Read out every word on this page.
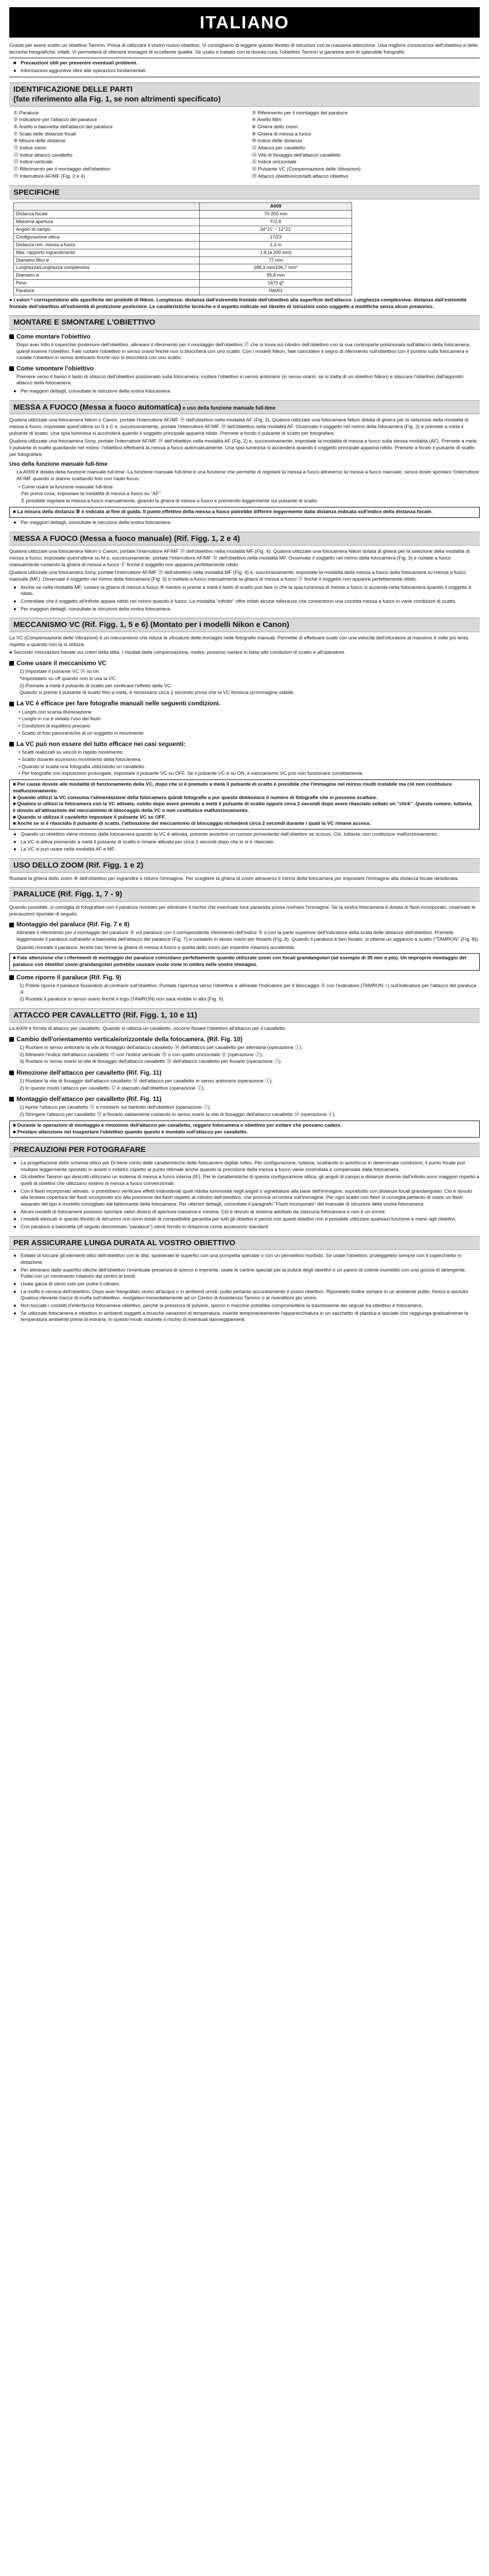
ITALIANO

Grazie per avere scelto un obiettivo Tamron. Prima di utilizzare il vostro nuovo obiettivo, Vi consigliamo di leggere questo libretto di istruzioni con la massima attenzione. Una migliore conoscenza dell'obiettivo e delle tecniche fotografiche, infatti, Vi permetterà di ottenere immagini di eccellente qualità. Se usato e trattato con la dovuta cura, l'obiettivo Tamron vi garantirà anni di splendide fotografie.

■ Precauzioni utili per prevenire eventuali problemi.
● Informazioni aggiuntive oltre alle operazioni fondamentali.
IDENTIFICAZIONE DELLE PARTI
(fate riferimento alla Fig. 1, se non altrimenti specificato)
① Paraluce	② Riferimento per il montaggio del paraluce
③ Indicatore per l'attacco del paraluce	④ Anello filtro
⑤ Anello a baionetta dell'attacco del paraluce	⑥ Ghiera dello zoom
⑦ Scala delle distanze focali	⑧ Ghiera di messa a fuoco
⑨ Misura delle distanze	⑩ Indice delle distanze
⑪ Indice zoom	⑫ Attacco per cavalletto
⑬ Indice attacco cavalletto	⑭ Vite di fissaggio dell'attacco cavalletto
⑮ Indice verticale	⑯ Indice orizzontale
⑰ Riferimento per il montaggio dell'obiettivo	⑱ Pulsante VC (Compensazione delle Vibrazioni)
⑲ Interruttore AF/MF (Fig. 2 e 4)	⑳ Attacco obiettivo/contatti attacco obiettivo
SPECIFICHE
	A009
Distanza focale	70-200 mm
Massima apertura	F/2,8
Angolo di campo	34°21' ~ 12°21'
Configurazione ottica	17/23
Distanza min. messa a fuoco	1,3 m
Max. rapporto ingrandimento	1:8 (a 200 mm)
Diametro filtro ø	77 mm
Lunghezza/Lunghezza complessiva	188,3 mm/196,7 mm*
Diametro ø	85,8 mm
Peso	1470 g*
Paraluce	HA001

● I valori * corrispondono alle specifiche dei prodotti di Nikon. Lunghezza: distanza dall'estremità frontale dell'obiettivo alla superficie dell'attacco. Lunghezza complessiva: distanza dall'estremità frontale dell'obiettivo all'estremità di protezione posteriore. Le caratteristiche tecniche e il aspetto indicate nel libretto di istruzioni sono soggette a modifiche senza alcun preavviso.

MONTARE E SMONTARE L'OBIETTIVO
Come montare l'obiettivo

Dopo aver tolto il coperchio posteriore dell'obiettivo, allineare il riferimento per il montaggio dell'obiettivo ⑰ che si trova sul cilindro dell'obiettivo con la sua controparte posizionata sull'attacco della fotocamera, quindi inserire l'obiettivo. Fate ruotare l'obiettivo in senso orario finché non si bloccherà con uno scatto. Con i modelli Nikon, fate coincidere il segno di riferimento sull'obiettivo con il puntino sulla fotocamera e ruotate l'obiettivo in senso antiorario finché non si bloccherà con uno scatto.

Come smontare l'obiettivo

Premere verso il basso il tasto di sblocco dell'obiettivo posizionato sulla fotocamera, ruotare l'obiettivo in senso antiorario (in senso orario, se si tratta di un obiettivo Nikon) e staccare l'obiettivo dall'apposito attacco della fotocamera.

● Per maggiori dettagli, consultate le istruzioni della vostra fotocamera.
MESSA A FUOCO (Messa a fuoco automatica) e uso della funzione manuale full-time

Qualora utilizzate una fotocamera Nikon o Canon, portate l'interruttore AF/MF ⑲ dell'obiettivo nella modalità AF (Fig. 2). Qualora utilizzate una fotocamera Nikon dotata di ghiera per la selezione della modalità di messa a fuoco, impostate quest'ultima su S o C e, successivamente, portate l'interruttore AF/MF ⑲ dell'obiettivo nella modalità AF. Osservate il soggetto nel mirino della fotocamera (Fig. 3) e premete a metà il pulsante di scatto. Una spia luminosa si accenderà quando il soggetto principale apparirà nitido. Premete a fondo il pulsante di scatto per fotografare.

Qualora utilizzate una fotocamera Sony, portate l'interruttore AF/MF ⑲ dell'obiettivo nella modalità AF (Fig. 2) e, successivamente, impostate la modalità di messa a fuoco sulla stessa modalità (AF). Premete a metà il pulsante di scatto guardando nel mirino: l'obiettivo effettuerà la messa a fuoco automaticamente. Una spia luminosa si accenderà quando il soggetto principale apparirà nitido. Premete a fondo il pulsante di scatto per fotografare.

Uso della funzione manuale full-time

La A009 è dotata della funzione manuale full-time. La funzione manuale full-time è una funzione che permette di regolare la messa a fuoco attraverso la messa a fuoco manuale, senza dover spostare l'interruttore AF/MF quando si stanno scattando foto con l'auto-focus.

• Come usare la funzione manuale full-time
Per prima cosa, impostare la modalità di messa a fuoco su "AF".
È possibile regolare la messa a fuoco manualmente, girando la ghiera di messa a fuoco e premendo leggermente sul pulsante di scatto.
■ La misura della distanza ⑨ è indicata al fine di guida. Il punto effettivo della messa a fuoco potrebbe differire leggermente dalla distanza indicata sull'indice della distanza focale.
● Per maggiori dettagli, consultate le istruzioni della vostra fotocamera.
MESSA A FUOCO (Messa a fuoco manuale) (Rif. Figg. 1, 2 e 4)

Qualora utilizzate una fotocamera Nikon o Canon, portate l'interruttore AF/MF ⑲ dell'obiettivo nella modalità MF (Fig. 4). Qualora utilizzate una fotocamera Nikon dotata di ghiera per la selezione della modalità di messa a fuoco, impostate quest'ultima su M e, successivamente, portate l'interruttore AF/MF ⑲ dell'obiettivo nella modalità MF. Osservate il soggetto nel mirino della fotocamera (Fig. 3) e ruotate a fuoco manualmente ruotando la ghiera di messa a fuoco ⑧ finché il soggetto non apparirà perfettamente nitido.

Qualora utilizzate una fotocamera Sony, portate l'interruttore AF/MF ⑲ dell'obiettivo nella modalità MF (Fig. 4) e, successivamente, impostate la modalità della messa a fuoco della fotocamera su messa a fuoco manuale (MF). Osservate il soggetto nel mirino della fotocamera (Fig. 3) e mettete a fuoco manualmente la ghiera di messa a fuoco ⑧ finché il soggetto non apparirà perfettamente nitido.

● Anche se nella modalità MF, ruotare la ghiera di messa a fuoco ⑧ mentre si preme a metà il tasto di scatto può fare sì che la spia luminosa di messa a fuoco si accenda nella fotocamera quando il soggetto è nitido.
● Controllate che il soggetto all'infinito appaia nitido nel mirino quando è fuoco. La modalità "infinito" offre infatti alcune tolleranze che consentono una corretta messa a fuoco in varie condizioni di scatto.
● Per maggiori dettagli, consultate le istruzioni della vostra fotocamera.
MECCANISMO VC (Rif. Figg. 1, 5 e 6) (Montato per i modelli Nikon e Canon)

La VC (Compensazione delle Vibrazioni) è un meccanismo che riduce le sfocature delle immagini nelle fotografie manuali. Permette di effettuare scatti con una velocità dell'otturatore al massimo 4 volte più lenta rispetto a quando non la si utilizza.

● Secondo misurazioni basate sui criteri della ditta. I risultati della compensazione, inoltre, possono variare in base alle condizioni di scatto e all'operatore.

Come usare il meccanismo VC
1) Impostate il pulsante VC ⑱ su on.
*Impostatelo su off quando non si usa la VC.
2) Premete a metà il pulsante di scatto per verificare l'effetto della VC.
Quando si preme il pulsante di scatto fino a metà, è necessario circa 1 secondo prima che la VC fornisca un'immagine stabile.
La VC è efficace per fare fotografie manuali nelle seguenti condizioni.
• Luoghi con scarsa illuminazione
• Luoghi in cui è vietato l'uso del flash
• Condizioni di equilibrio precario
• Scatto di foto panoramiche di un soggetto in movimento
La VC può non essere del tutto efficace nei casi seguenti:
• Scatti realizzati su veicoli in rapido movimento.
• Scatto durante eccessivo movimento della fotocamera.
• Quando si scatta una fotografia utilizzando un cavalletto.
• Per fotografie con esposizioni prolungate, impostate il pulsante VC su OFF. Se il pulsante VC è su ON, il meccanismo VC può non funzionare correttamente.
■ Per cause dovute alle modalità di funzionamento della VC, dopo che si è premuto a metà il pulsante di scatto è possibile che l'immagine nel mirino risulti instabile ma ciò non costituisce malfunzionamento.
■ Quando utilizzi la VC consuma l'alimentazione della fotocamera quindi fotografie a pur questo diminuisce il numero di fotografie che si possono scattare.
■ Qualora si utilizzi la fotocamera con la VC attivata, subito dopo avere premuto a metà il pulsante di scatto oppure circa 2 secondi dopo avere rilasciato settato un "click". Questo rumore, tuttavia, è dovuto all'attivazione del meccanismo di bloccaggio della VC e non costituisce malfunzionamento.
■ Quando si utilizza il cavalletto impostare il pulsante VC su OFF.
■ Anche se si è rilasciato il pulsante di scatto, l'attivazione del meccanismo di bloccaggio richiederà circa 2 secondi durante i quali la VC rimane accesa.
● Quando un obiettivo viene rimosso dalla fotocamera quando la VC è attivata, potreste avvertire un rumore proveniente dall'obiettivo se scosso. Ciò, tuttavia, non costituisce malfunzionamento.
● La VC si attiva premendo a metà il pulsante di scatto e rimane attivata per circa 2 secondi dopo che lo si è rilasciato.
● La VC si può usare nella modalità AF e MF.
USO DELLO ZOOM (Rif. Figg. 1 e 2)

Ruotare la ghiera dello zoom ⑥ dell'obiettivo per ingrandire o ridurre l'immagine. Per scegliere la ghiera di zoom attraverso il mirino della fotocamera per impostare l'immagine alla distanza focale desiderata.

PARALUCE (Rif. Figg. 1, 7 - 9)

Quando possibile, si consiglia di fotografare con il paraluce montato per eliminare il rischio che eventuale luce parassita possa rovinare l'immagine. Se la vostra fotocamera è dotata di flash incorporato, osservate le precauzioni riportate di seguito.

Montaggio del paraluce (Rif. Fig. 7 e 8)

Allineate il riferimento per il montaggio del paraluce ② sul paraluce con il corrispondente riferimento dell'indice ⑤ o con la parte superiore dell'indicatore della scala delle distanze dell'obiettivo. Premete leggermente il paraluce sull'anello a baionetta dell'attacco del paraluce (Fig. 7) e ruotatelo in senso orario per fissarlo (Fig. 8). Quando il paraluce è ben fissato, si ottiene un aggancio a scatto ("TAMRON" (Fig. 8)).

Quando montate il paraluce, tenete ben ferme la ghiera di messa a fuoco e quella dello zoom per impedire rotazioni accidentali.

■ Fate attenzione che i riferimenti di montaggio del paraluce coincidano perfettamente quando utilizzate zoom con focali grandangolari (ad esempio di 35 mm o più). Un improprio montaggio del paraluce con obiettivi zoom grandangolari potrebbe causare vuote zone in ombra nelle vostre immagini.
Come riporre il paraluce (Rif. Fig. 9)
1) Potete riporre il paraluce fissandolo al contrario sull'obiettivo. Puntate l'apertura verso l'obiettivo e allineate l'indicatore per il bloccaggio ③ con l'indicatore (TAMRON ○) sull'indicatore per l'attacco del paraluce ③.
2) Ruotate il paraluce in senso orario finché il logo (TAMRON) non sarà visibile in alto (Fig. 9).
ATTACCO PER CAVALLETTO (Rif. Figg. 1, 10 e 11)

La A009 è fornita di attacco per cavalletto. Quando si utilizza un cavalletto, occorre fissare l'obiettivo all'attacco per il cavalletto.

Cambio dell'orientamento verticale/orizzontale della fotocamera. (Rif. Fig. 10)
1) Ruotare in senso antiorario la vite di fissaggio dell'attacco cavalletto ⑭ dell'attacco per cavalletto per allentarla (operazione ①).
2) Allineare l'indice dell'attacco cavalletto ⑬ con l'indice verticale ⑮ o con quello orizzontale ⑯ (operazione ②).
3) Ruotare in senso orario la vite di fissaggio dell'attacco cavalletto ⑭ dell'attacco cavalletto per fissarlo (operazione ③).
Rimozione dell'attacco per cavalletto (Rif. Fig. 11)
1) Ruotare la vite di fissaggio dell'attacco cavalletto ⑭ dell'attacco per cavalletto in senso antiorario (operazione ①).
2) In questo modo l'attacco per cavalletto ⑫ è staccato dall'obiettivo (operazione ②).
Montaggio dell'attacco per cavalletto (Rif. Fig. 11)
1) Aprire l'attacco per cavalletto ⑫ e montarlo sul barilotto dell'obiettivo (operazione ③).
2) Stringere l'attacco per cavalletto ⑫ e fissarlo saldamente ruotando in senso orario la vite di fissaggio dell'attacco cavalletto ⑭ (operazione ④).
■ Durante le operazioni di montaggio e rimozione dell'attacco per cavalletto, reggere fotocamera e obiettivo per evitare che possano cadere.
■ Prestare attenzione nel trasportare l'obiettivo quando questo è montato sull'attacco per cavalletto.
PRECAUZIONI PER FOTOGRAFARE
● La progettazione dello schema ottico per Di tiene conto delle caratteristiche delle fotocamere digitali reflex. Per configurazione, tuttavia, scattando in autofocus in determinate condizioni, il punto focale può risultare leggermente spostato in avanti o indietro rispetto al punto ottimale anche quando la precisione della messa a fuoco viene controllata e compensata dalla fotocamera.
● Gli obiettivi Tamron qui descritti utilizzano un sistema di messa a fuoco interna (IF). Per le caratteristiche di questa configurazione ottica, gli angoli di campo a distanze diverse dall'infinito sono maggiori rispetto a quelli di obiettivi che utilizzano sistemi di messa a fuoco convenzionali.
● Con il flash incorporato attivato, si potrebbero verificare effetti indesiderati quali ridotta luminosità negli angoli o vignettature alla base dell'immagine, soprattutto con distanze focali grandangolari. Ciò è dovuto alla limitata copertura del flash incorporato e/o alla posizione del flash rispetto al cilindro dell'obiettivo, che provoca un'ombra sull'immagine. Per ogni scatto con flash si consiglia pertanto di usare un flash separato del tipo e modello consigliato dal fabbricante della fotocamera. Per ulteriori dettagli, consultate il paragrafo "Flash incorporato" del manuale di istruzioni della vostra fotocamera.
● Alcuni modelli di fotocamere possono riportare valori diversi di apertura massima e minima. Ciò è dovuto al sistema adottato da ciascuna fotocamera e non è un errore.
● I modelli elencati in questo libretto di istruzioni non sono dotati di compatibilità garantita per tutti gli obiettivi e perciò con questi obiettivi non è possibile utilizzare qualsiasi funzione e meno agli obiettivi.
● Con paraluce a baionetta (di seguito denominato "paraluce") viene fornito in dotazione come accessorio standard.
PER ASSICURARE LUNGA DURATA AL VOSTRO OBIETTIVO
● Evitate di toccare gli elementi ottici dell'obiettivo con le dita; spolverate le superfici con una pompetta speciale o con un pennellino morbido. Se usate l'obiettivo, proteggetelo sempre con il coperchietto in dotazione.
● Per eliminare dalle superfici ottiche dell'obiettivo l'eventuale presenza di sporco o impronte, usate le cartine speciali per la pulizia degli obiettivi o un panno di cotone inumidito con una goccia di detergente. Pulite con un movimento rotatorio dal centro ai bordi.
● Usate garza di silicio solo per pulire il cilindro.
● La muffa è nemica dell'obiettivo. Dopo aver fotografato vicino all'acqua o in ambienti umidi, pulite pertanto accuratamente il vostro obiettivo. Riponetelo inoltre sempre in un ambiente pulito, fresco e asciutto. Qualora rilevaste tracce di muffa sull'obiettivo, rivolgetevi immediatamente ad un Centro di Assistenza Tamron o al rivenditore più vicino.
● Non toccate i contatti d'interfaccia fotocamera-obiettivo, perché la presenza di polvere, sporco o macchie potrebbe compromettere la trasmissione dei segnali tra obiettivo e fotocamera.
● Se utilizzate fotocamera e obiettivo in ambienti soggetti a brusche variazioni di temperatura, inserite temporaneamente l'apparecchiatura in un sacchetto di plastica e lasciate che raggiunga gradualmente la temperatura ambiente prima di estrarla. In questo modo ridurrete il rischio di eventuali danneggiamenti.
